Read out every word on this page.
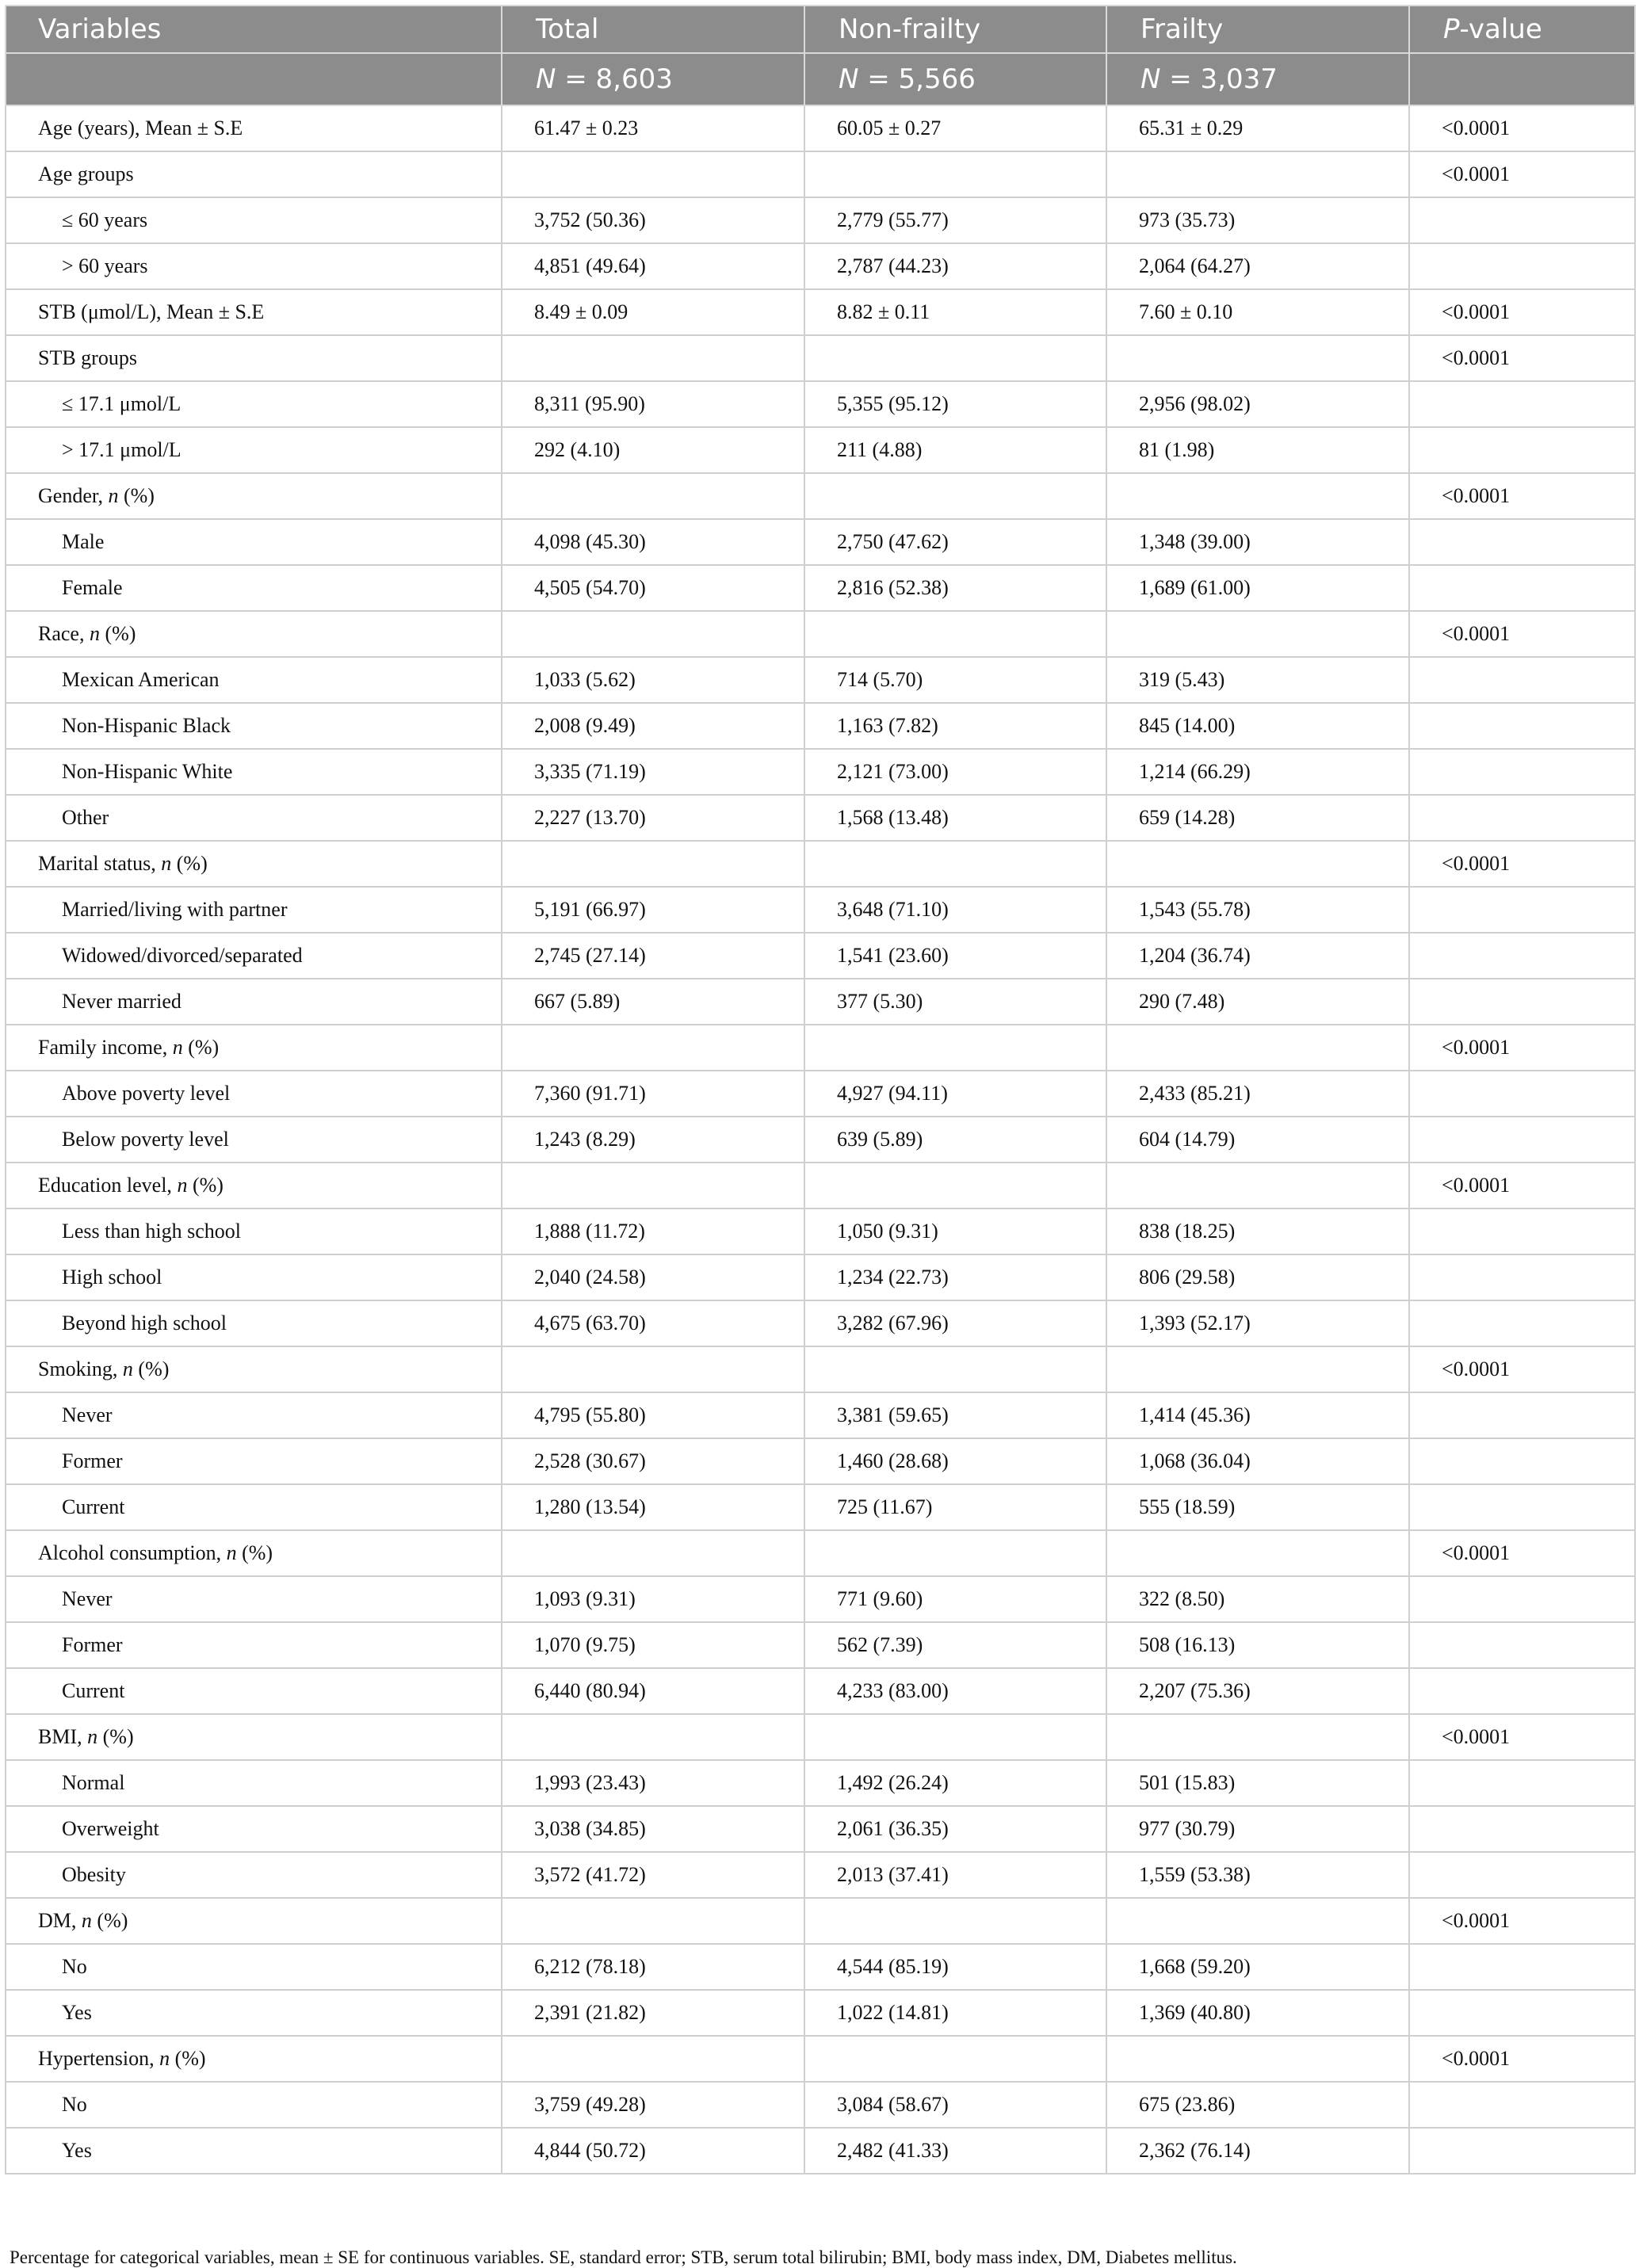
Variables	Total	Non-frailty	Frailty	P-value
	N = 8,603	N = 5,566	N = 3,037	
Age (years), Mean ± S.E	61.47 ± 0.23	60.05 ± 0.27	65.31 ± 0.29	<0.0001
Age groups				<0.0001
≤ 60 years	3,752 (50.36)	2,779 (55.77)	973 (35.73)	
> 60 years	4,851 (49.64)	2,787 (44.23)	2,064 (64.27)	
STB (μmol/L), Mean ± S.E	8.49 ± 0.09	8.82 ± 0.11	7.60 ± 0.10	<0.0001
STB groups				<0.0001
≤ 17.1 μmol/L	8,311 (95.90)	5,355 (95.12)	2,956 (98.02)	
> 17.1 μmol/L	292 (4.10)	211 (4.88)	81 (1.98)	
Gender, n (%)				<0.0001
Male	4,098 (45.30)	2,750 (47.62)	1,348 (39.00)	
Female	4,505 (54.70)	2,816 (52.38)	1,689 (61.00)	
Race, n (%)				<0.0001
Mexican American	1,033 (5.62)	714 (5.70)	319 (5.43)	
Non-Hispanic Black	2,008 (9.49)	1,163 (7.82)	845 (14.00)	
Non-Hispanic White	3,335 (71.19)	2,121 (73.00)	1,214 (66.29)	
Other	2,227 (13.70)	1,568 (13.48)	659 (14.28)	
Marital status, n (%)				<0.0001
Married/living with partner	5,191 (66.97)	3,648 (71.10)	1,543 (55.78)	
Widowed/divorced/separated	2,745 (27.14)	1,541 (23.60)	1,204 (36.74)	
Never married	667 (5.89)	377 (5.30)	290 (7.48)	
Family income, n (%)				<0.0001
Above poverty level	7,360 (91.71)	4,927 (94.11)	2,433 (85.21)	
Below poverty level	1,243 (8.29)	639 (5.89)	604 (14.79)	
Education level, n (%)				<0.0001
Less than high school	1,888 (11.72)	1,050 (9.31)	838 (18.25)	
High school	2,040 (24.58)	1,234 (22.73)	806 (29.58)	
Beyond high school	4,675 (63.70)	3,282 (67.96)	1,393 (52.17)	
Smoking, n (%)				<0.0001
Never	4,795 (55.80)	3,381 (59.65)	1,414 (45.36)	
Former	2,528 (30.67)	1,460 (28.68)	1,068 (36.04)	
Current	1,280 (13.54)	725 (11.67)	555 (18.59)	
Alcohol consumption, n (%)				<0.0001
Never	1,093 (9.31)	771 (9.60)	322 (8.50)	
Former	1,070 (9.75)	562 (7.39)	508 (16.13)	
Current	6,440 (80.94)	4,233 (83.00)	2,207 (75.36)	
BMI, n (%)				<0.0001
Normal	1,993 (23.43)	1,492 (26.24)	501 (15.83)	
Overweight	3,038 (34.85)	2,061 (36.35)	977 (30.79)	
Obesity	3,572 (41.72)	2,013 (37.41)	1,559 (53.38)	
DM, n (%)				<0.0001
No	6,212 (78.18)	4,544 (85.19)	1,668 (59.20)	
Yes	2,391 (21.82)	1,022 (14.81)	1,369 (40.80)	
Hypertension, n (%)				<0.0001
No	3,759 (49.28)	3,084 (58.67)	675 (23.86)	
Yes	4,844 (50.72)	2,482 (41.33)	2,362 (76.14)	
Percentage for categorical variables, mean ± SE for continuous variables. SE, standard error; STB, serum total bilirubin; BMI, body mass index, DM, Diabetes mellitus.
